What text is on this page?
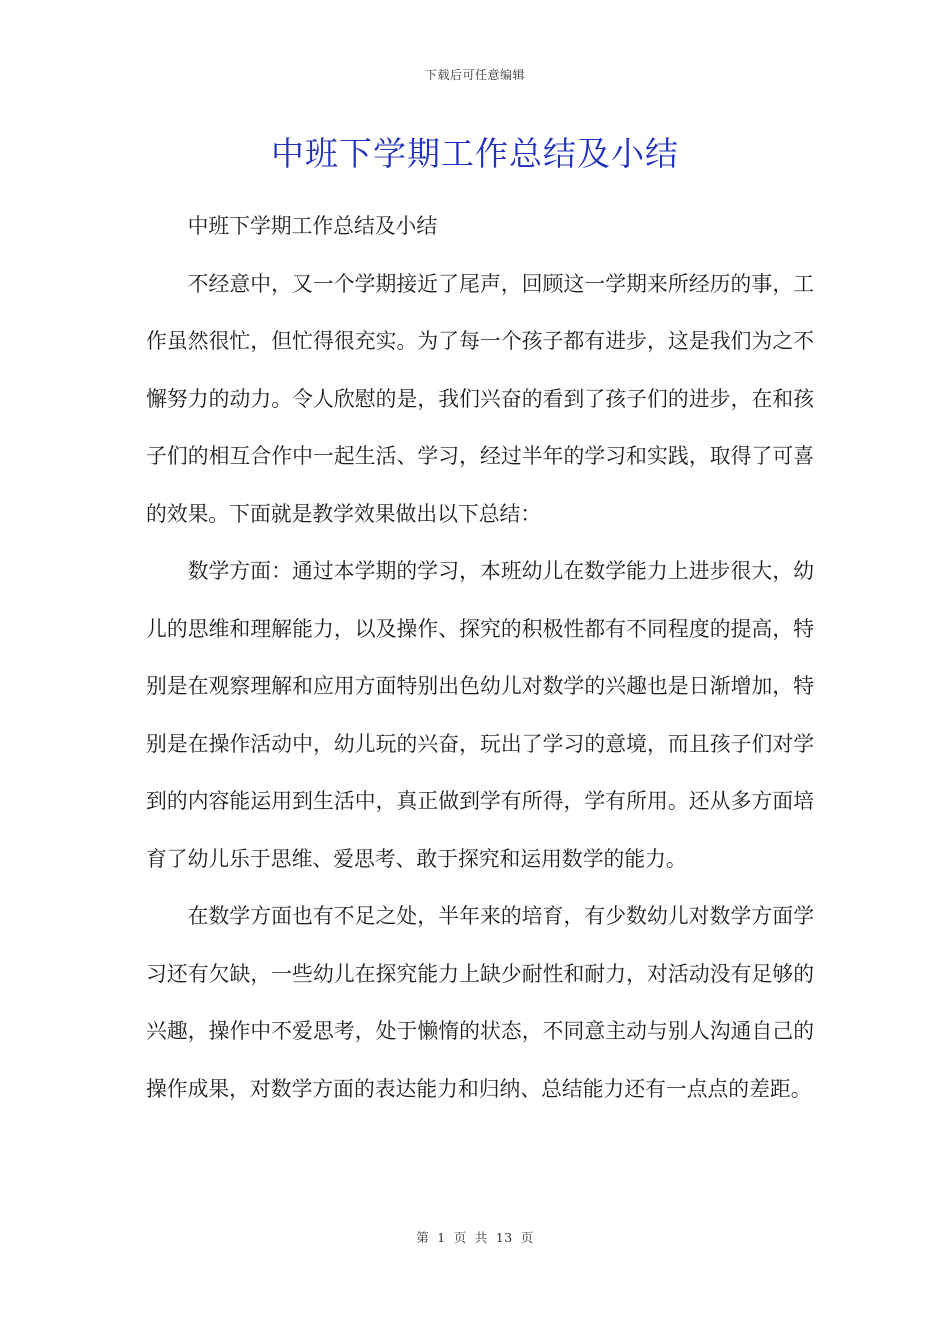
下载后可任意编辑
中班下学期工作总结及小结

中班下学期工作总结及小结

不经意中，又一个学期接近了尾声，回顾这一学期来所经历的事，工作虽然很忙，但忙得很充实。为了每一个孩子都有进步，这是我们为之不懈努力的动力。令人欣慰的是，我们兴奋的看到了孩子们的进步，在和孩子们的相互合作中一起生活、学习，经过半年的学习和实践，取得了可喜的效果。下面就是教学效果做出以下总结：

数学方面：通过本学期的学习，本班幼儿在数学能力上进步很大，幼儿的思维和理解能力，以及操作、探究的积极性都有不同程度的提高，特别是在观察理解和应用方面特别出色幼儿对数学的兴趣也是日渐增加，特别是在操作活动中，幼儿玩的兴奋，玩出了学习的意境，而且孩子们对学到的内容能运用到生活中，真正做到学有所得，学有所用。还从多方面培育了幼儿乐于思维、爱思考、敢于探究和运用数学的能力。

在数学方面也有不足之处，半年来的培育，有少数幼儿对数学方面学习还有欠缺，一些幼儿在探究能力上缺少耐性和耐力，对活动没有足够的兴趣，操作中不爱思考，处于懒惰的状态，不同意主动与别人沟通自己的操作成果，对数学方面的表达能力和归纳、总结能力还有一点点的差距。

第 1 页 共 13 页
